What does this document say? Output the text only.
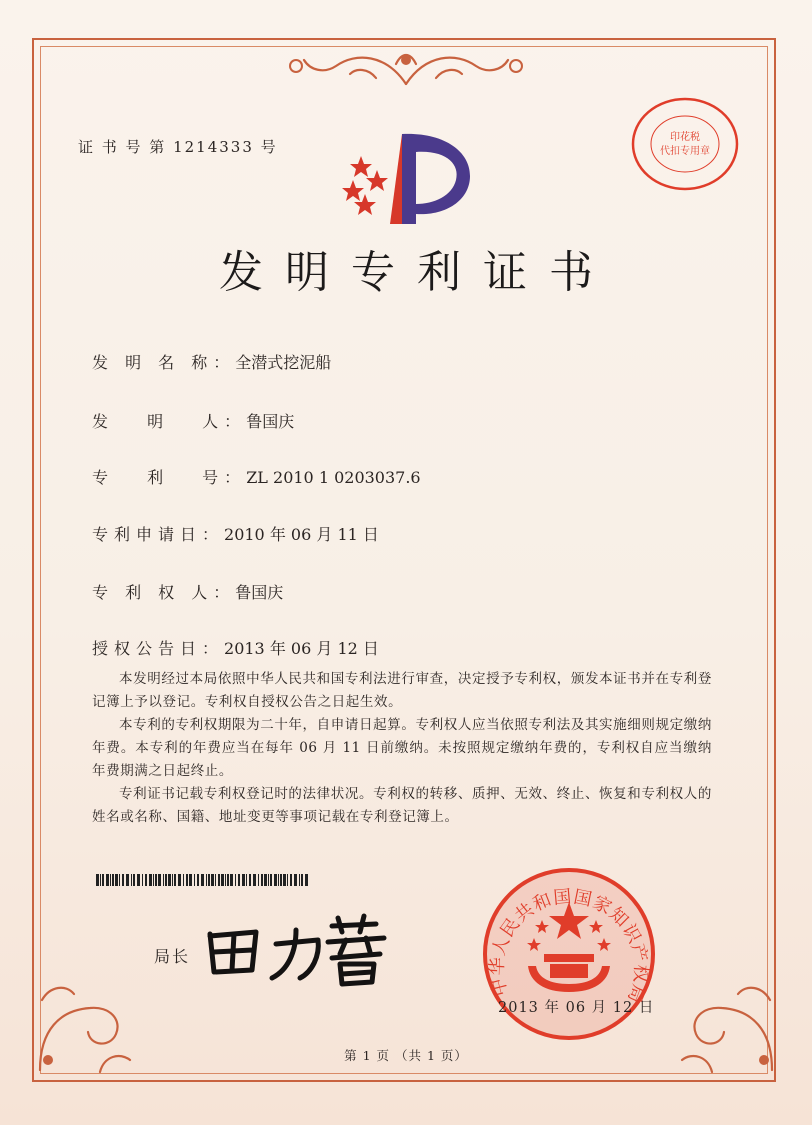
证 书 号 第 1214333 号
印花税
代扣专用章
发明专利证书
发 明 名 称：全潜式挖泥船
发　 明　 人：鲁国庆
专　 利　 号：ZL 2010 1 0203037.6
专利申请日：2010 年 06 月 11 日
专 利 权 人：鲁国庆
授权公告日：2013 年 06 月 12 日

本发明经过本局依照中华人民共和国专利法进行审查，决定授予专利权，颁发本证书并在专利登记簿上予以登记。专利权自授权公告之日起生效。

本专利的专利权期限为二十年，自申请日起算。专利权人应当依照专利法及其实施细则规定缴纳年费。本专利的年费应当在每年 06 月 11 日前缴纳。未按照规定缴纳年费的，专利权自应当缴纳年费期满之日起终止。

专利证书记载专利权登记时的法律状况。专利权的转移、质押、无效、终止、恢复和专利权人的姓名或名称、国籍、地址变更等事项记载在专利登记簿上。

局长
中华人民共和国国家知识产权局
2013 年 06 月 12 日
第 1 页 （共 1 页）
